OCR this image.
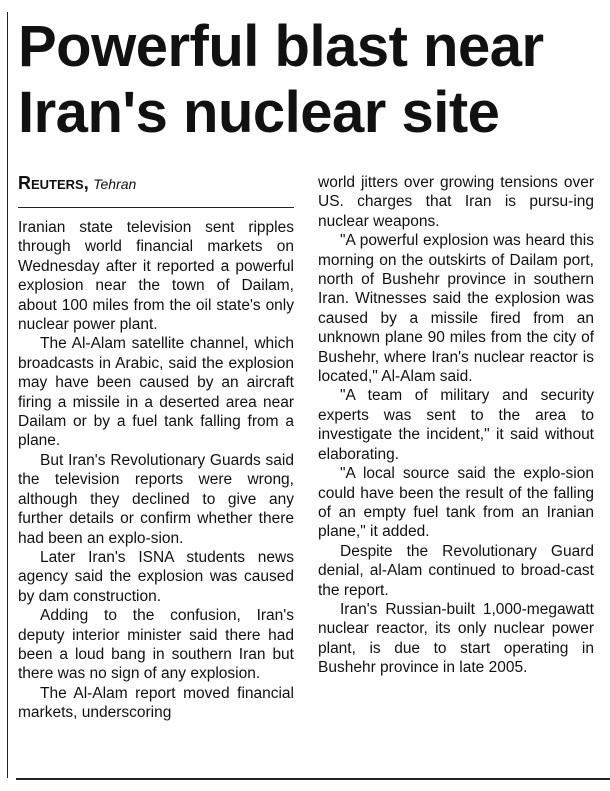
Powerful blast near
Iran's nuclear site
Reuters, Tehran

Iranian state television sent ripples through world financial markets on Wednesday after it reported a powerful explosion near the town of Dailam, about 100 miles from the oil state's only nuclear power plant.

The Al-Alam satellite channel, which broadcasts in Arabic, said the explosion may have been caused by an aircraft firing a missile in a deserted area near Dailam or by a fuel tank falling from a plane.

But Iran's Revolutionary Guards said the television reports were wrong, although they declined to give any further details or confirm whether there had been an explo-sion.

Later Iran's ISNA students news agency said the explosion was caused by dam construction.

Adding to the confusion, Iran's deputy interior minister said there had been a loud bang in southern Iran but there was no sign of any explosion.

The Al-Alam report moved financial markets, underscoring

world jitters over growing tensions over US. charges that Iran is pursu-ing nuclear weapons.

"A powerful explosion was heard this morning on the outskirts of Dailam port, north of Bushehr province in southern Iran. Witnesses said the explosion was caused by a missile fired from an unknown plane 90 miles from the city of Bushehr, where Iran's nuclear reactor is located," Al-Alam said.

"A team of military and security experts was sent to the area to investigate the incident," it said without elaborating.

"A local source said the explo-sion could have been the result of the falling of an empty fuel tank from an Iranian plane," it added.

Despite the Revolutionary Guard denial, al-Alam continued to broad-cast the report.

Iran's Russian-built 1,000-megawatt nuclear reactor, its only nuclear power plant, is due to start operating in Bushehr province in late 2005.
